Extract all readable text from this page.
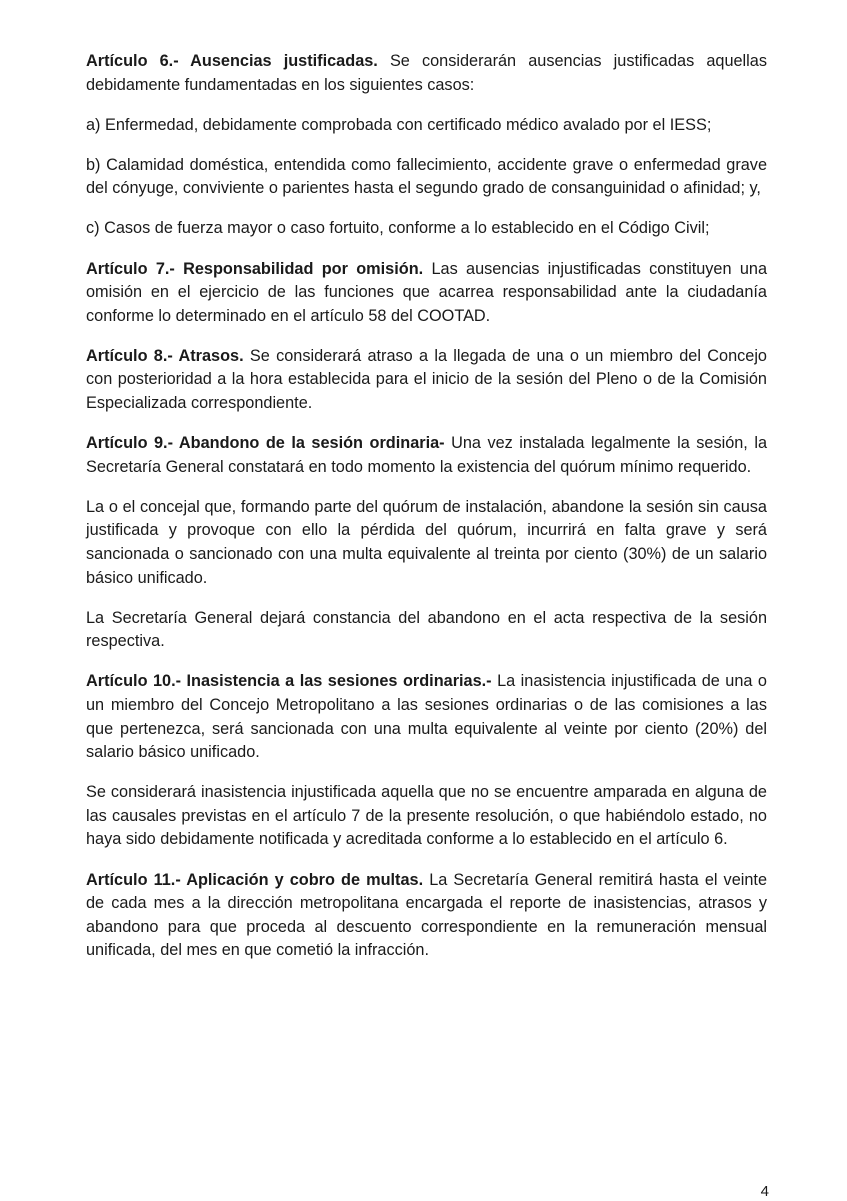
Artículo 6.- Ausencias justificadas. Se considerarán ausencias justificadas aquellas debidamente fundamentadas en los siguientes casos:

a) Enfermedad, debidamente comprobada con certificado médico avalado por el IESS;

b) Calamidad doméstica, entendida como fallecimiento, accidente grave o enfermedad grave del cónyuge, conviviente o parientes hasta el segundo grado de consanguinidad o afinidad; y,

c) Casos de fuerza mayor o caso fortuito, conforme a lo establecido en el Código Civil;

Artículo 7.- Responsabilidad por omisión. Las ausencias injustificadas constituyen una omisión en el ejercicio de las funciones que acarrea responsabilidad ante la ciudadanía conforme lo determinado en el artículo 58 del COOTAD.

Artículo 8.- Atrasos. Se considerará atraso a la llegada de una o un miembro del Concejo con posterioridad a la hora establecida para el inicio de la sesión del Pleno o de la Comisión Especializada correspondiente.

Artículo 9.- Abandono de la sesión ordinaria- Una vez instalada legalmente la sesión, la Secretaría General constatará en todo momento la existencia del quórum mínimo requerido.

La o el concejal que, formando parte del quórum de instalación, abandone la sesión sin causa justificada y provoque con ello la pérdida del quórum, incurrirá en falta grave y será sancionada o sancionado con una multa equivalente al treinta por ciento (30%) de un salario básico unificado.

La Secretaría General dejará constancia del abandono en el acta respectiva de la sesión respectiva.

Artículo 10.- Inasistencia a las sesiones ordinarias.- La inasistencia injustificada de una o un miembro del Concejo Metropolitano a las sesiones ordinarias o de las comisiones a las que pertenezca, será sancionada con una multa equivalente al veinte por ciento (20%) del salario básico unificado.

Se considerará inasistencia injustificada aquella que no se encuentre amparada en alguna de las causales previstas en el artículo 7 de la presente resolución, o que habiéndolo estado, no haya sido debidamente notificada y acreditada conforme a lo establecido en el artículo 6.

Artículo 11.- Aplicación y cobro de multas. La Secretaría General remitirá hasta el veinte de cada mes a la dirección metropolitana encargada el reporte de inasistencias, atrasos y abandono para que proceda al descuento correspondiente en la remuneración mensual unificada, del mes en que cometió la infracción.

4
